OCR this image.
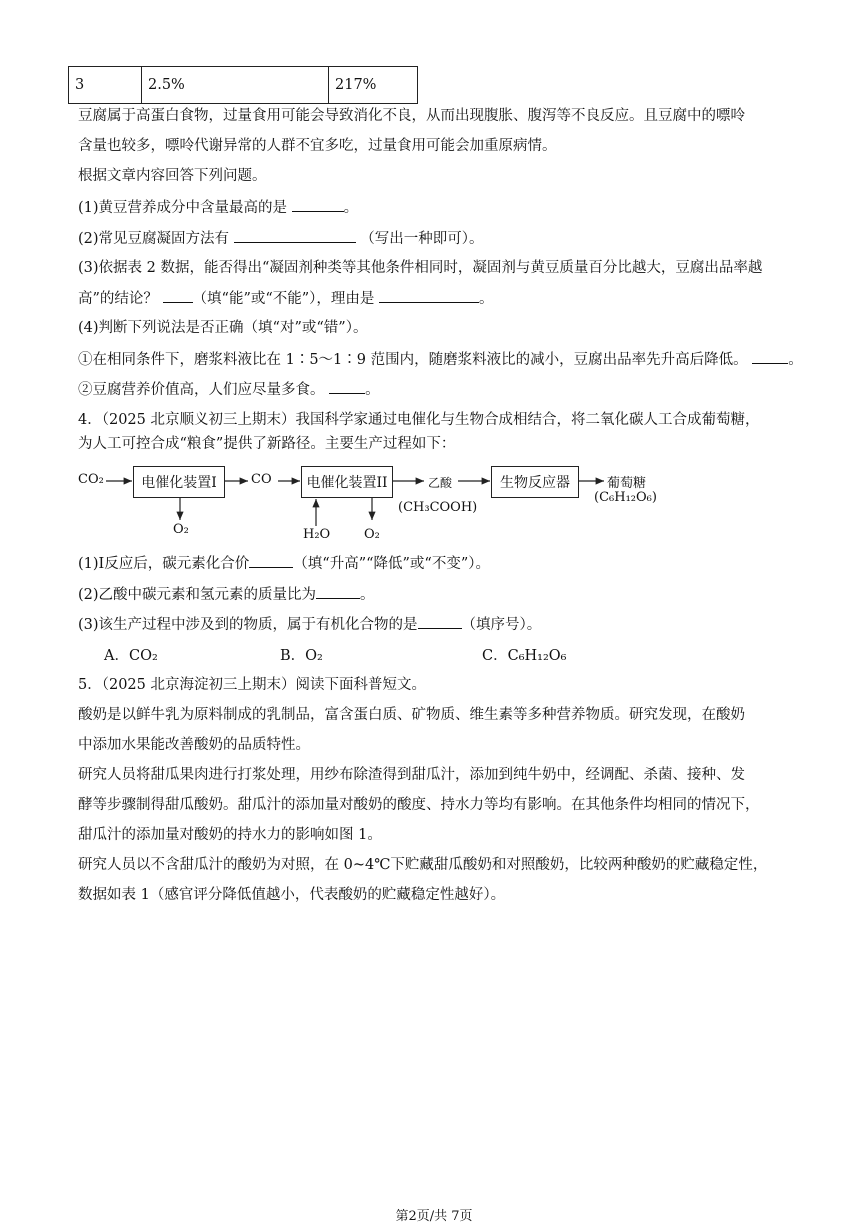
3	2.5%	217%
豆腐属于高蛋白食物，过量食用可能会导致消化不良，从而出现腹胀、腹泻等不良反应。且豆腐中的嘌呤
含量也较多，嘌呤代谢异常的人群不宜多吃，过量食用可能会加重原病情。
根据文章内容回答下列问题。
(1)黄豆营养成分中含量最高的是	。
(2)常见豆腐凝固方法有	（写出一种即可）。
(3)依据表 2 数据，能否得出“凝固剂种类等其他条件相同时，凝固剂与黄豆质量百分比越大，豆腐出品率越
高”的结论？ （填“能”或“不能”），理由是	。
(4)判断下列说法是否正确（填“对”或“错”）。
①在相同条件下，磨浆料液比在 1∶5～1∶9 范围内，随磨浆料液比的减小，豆腐出品率先升高后降低。	。
②豆腐营养价值高，人们应尽量多食。	。
4．（2025 北京顺义初三上期末）我国科学家通过电催化与生物合成相结合，将二氧化碳人工合成葡萄糖，
为人工可控合成“粮食”提供了新路径。主要生产过程如下：
CO₂	电催化装置I	CO	电催化装置II	乙酸
(CH₃COOH)
生物反应器	葡萄糖
(C₆H₁₂O₆)
O₂	H₂O	O₂
(1)I反应后，碳元素化合价	（填“升高”“降低”或“不变”）。
(2)乙酸中碳元素和氢元素的质量比为	。
(3)该生产过程中涉及到的物质，属于有机化合物的是	（填序号）。
A．CO₂	B．O₂	C．C₆H₁₂O₆
5．（2025 北京海淀初三上期末）阅读下面科普短文。
酸奶是以鲜牛乳为原料制成的乳制品，富含蛋白质、矿物质、维生素等多种营养物质。研究发现，在酸奶
中添加水果能改善酸奶的品质特性。
研究人员将甜瓜果肉进行打浆处理，用纱布除渣得到甜瓜汁，添加到纯牛奶中，经调配、杀菌、接种、发
酵等步骤制得甜瓜酸奶。甜瓜汁的添加量对酸奶的酸度、持水力等均有影响。在其他条件均相同的情况下，
甜瓜汁的添加量对酸奶的持水力的影响如图 1。
研究人员以不含甜瓜汁的酸奶为对照，在 0~4℃下贮藏甜瓜酸奶和对照酸奶，比较两种酸奶的贮藏稳定性，
数据如表 1（感官评分降低值越小，代表酸奶的贮藏稳定性越好）。
第2页/共 7页
